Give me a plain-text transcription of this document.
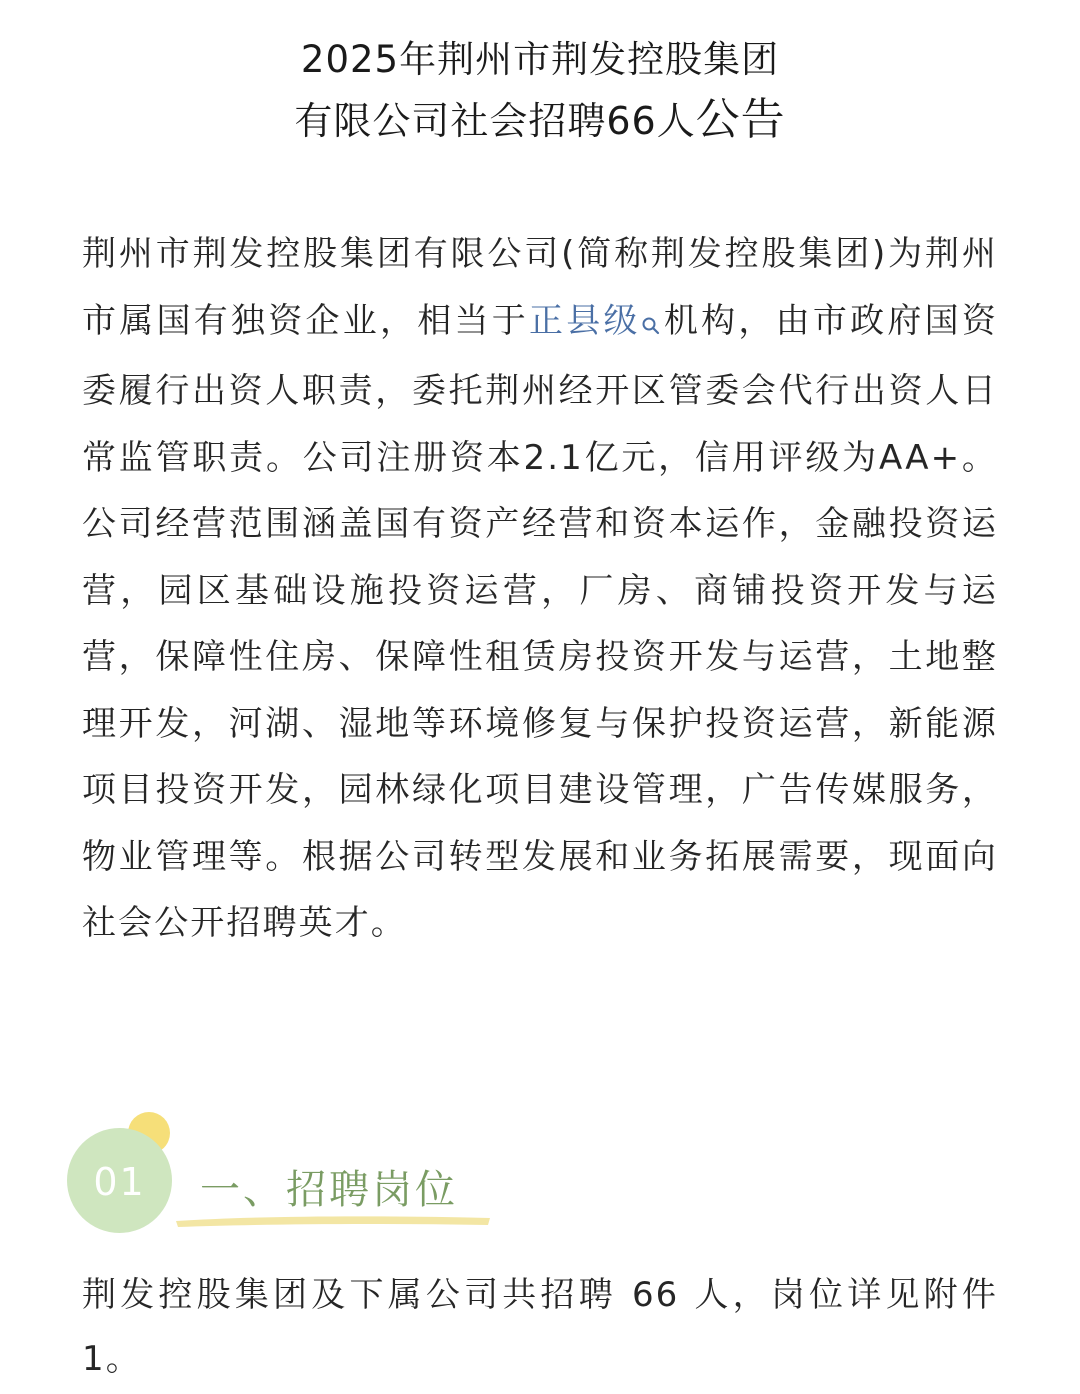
2025年荆州市荆发控股集团
有限公司社会招聘66人公告

荆州市荆发控股集团有限公司(简称荆发控股集团)为荆州市属国有独资企业，相当于正县级 机构，由市政府国资委履行出资人职责，委托荆州经开区管委会代行出资人日常监管职责。公司注册资本2.1亿元，信用评级为AA+。公司经营范围涵盖国有资产经营和资本运作，金融投资运营，园区基础设施投资运营，厂房、商铺投资开发与运营，保障性住房、保障性租赁房投资开发与运营，土地整理开发，河湖、湿地等环境修复与保护投资运营，新能源项目投资开发，园林绿化项目建设管理，广告传媒服务，物业管理等。根据公司转型发展和业务拓展需要，现面向社会公开招聘英才。

01	一、招聘岗位

荆发控股集团及下属公司共招聘 66 人，岗位详见附件1。
